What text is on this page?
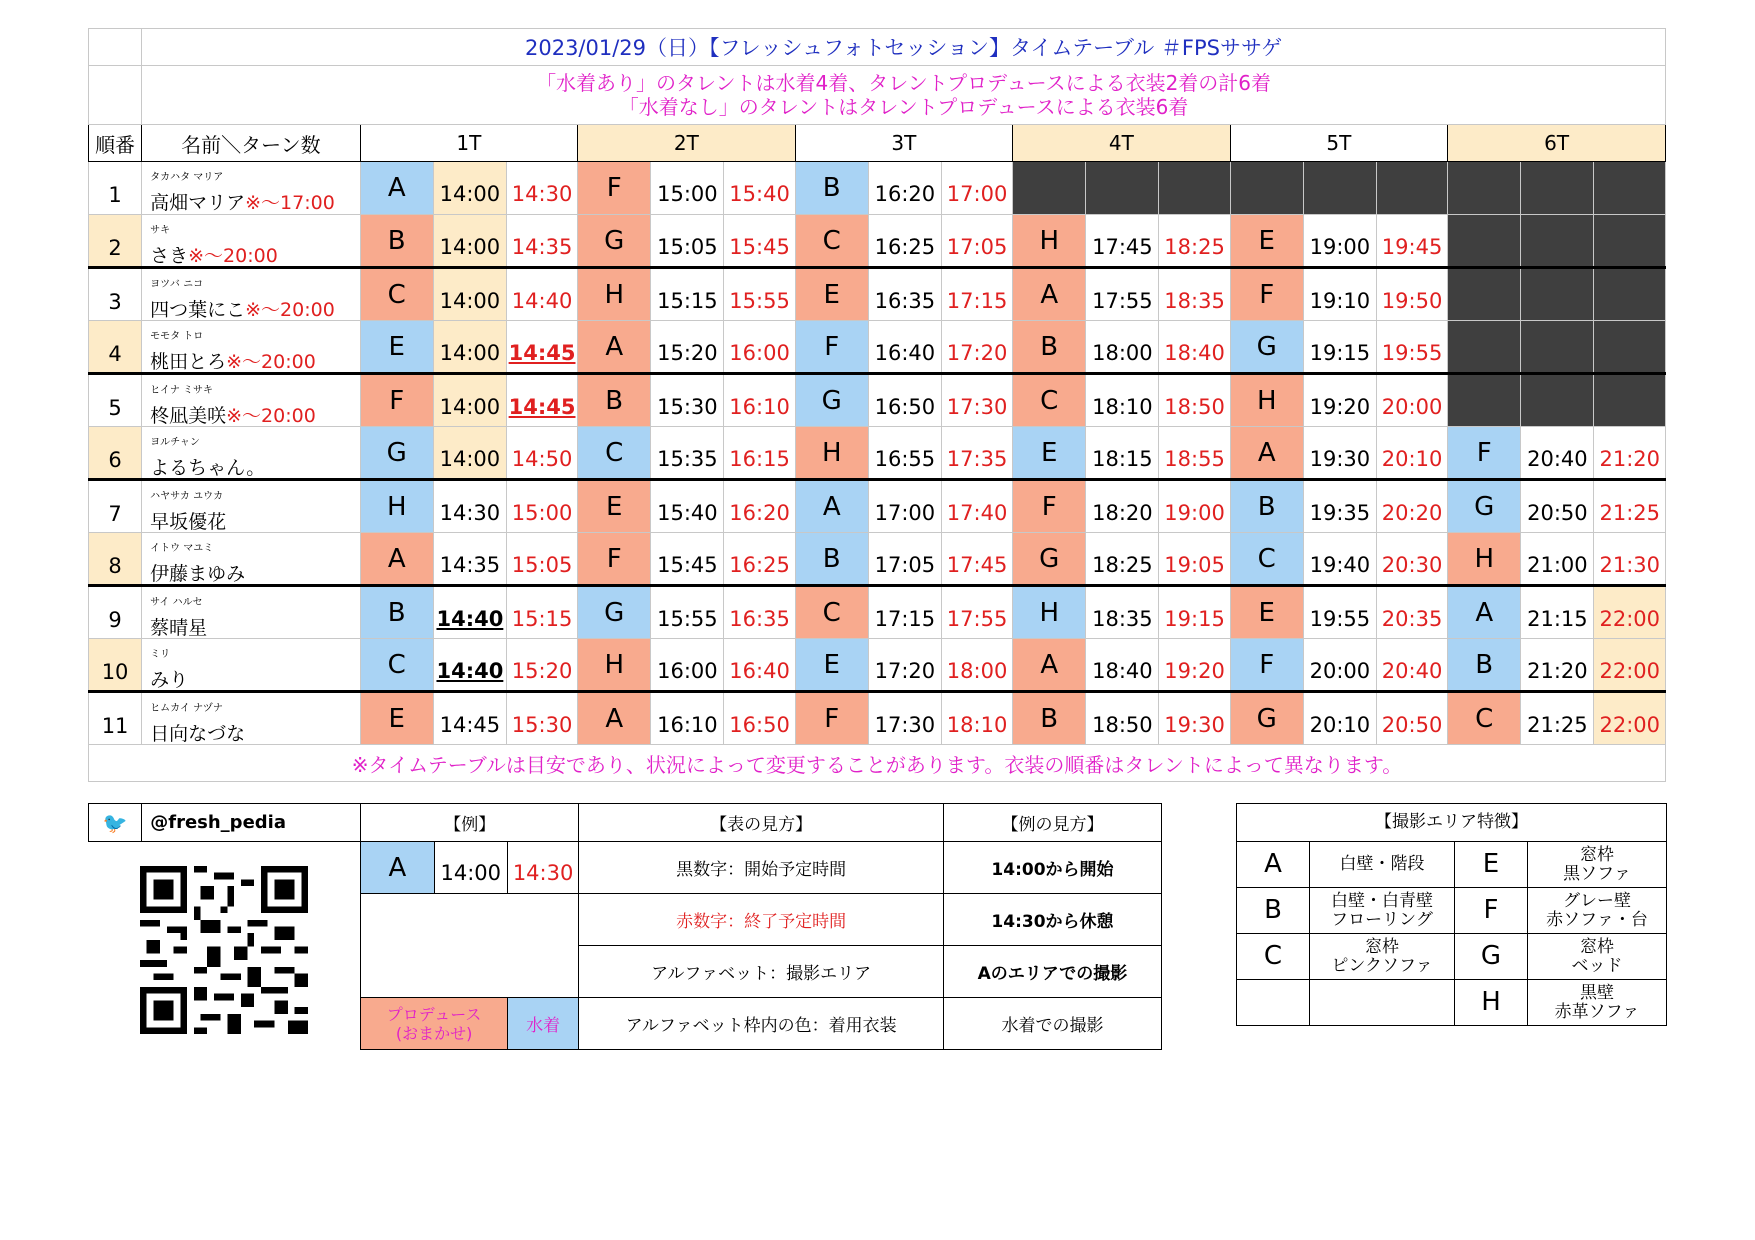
	2023/01/29（日）【フレッシュフォトセッション】タイムテーブル ＃FPSササゲ																		

	「水着あり」のタレントは水着4着、タレントプロデュースによる衣装2着の計6着
「水着なし」のタレントはタレントプロデュースによる衣装6着																		

順番	名前＼ターン数	1T			2T			3T			4T			5T			6T		
1	タカハタ マリア
高畑マリア※～17:00	A	14:00	14:30	F	15:00	15:40	B	16:20	17:00									
2	サキ
さき※～20:00	B	14:00	14:35	G	15:05	15:45	C	16:25	17:05	H	17:45	18:25	E	19:00	19:45			
3	ヨツバ ニコ
四つ葉にこ※～20:00	C	14:00	14:40	H	15:15	15:55	E	16:35	17:15	A	17:55	18:35	F	19:10	19:50			
4	モモタ トロ
桃田とろ※～20:00	E	14:00	14:45	A	15:20	16:00	F	16:40	17:20	B	18:00	18:40	G	19:15	19:55			
5	ヒイナ ミサキ
柊凪美咲※～20:00	F	14:00	14:45	B	15:30	16:10	G	16:50	17:30	C	18:10	18:50	H	19:20	20:00			
6	ヨルチャン
よるちゃん。	G	14:00	14:50	C	15:35	16:15	H	16:55	17:35	E	18:15	18:55	A	19:30	20:10	F	20:40	21:20
7	ハヤサカ ユウカ
早坂優花	H	14:30	15:00	E	15:40	16:20	A	17:00	17:40	F	18:20	19:00	B	19:35	20:20	G	20:50	21:25
8	イトウ マユミ
伊藤まゆみ	A	14:35	15:05	F	15:45	16:25	B	17:05	17:45	G	18:25	19:05	C	19:40	20:30	H	21:00	21:30
9	サイ ハルセ
蔡晴星	B	14:40	15:15	G	15:55	16:35	C	17:15	17:55	H	18:35	19:15	E	19:55	20:35	A	21:15	22:00
10	ミリ
みり	C	14:40	15:20	H	16:00	16:40	E	17:20	18:00	A	18:40	19:20	F	20:00	20:40	B	21:20	22:00
11	ヒムカイ ナヅナ
日向なづな	E	14:45	15:30	A	16:10	16:50	F	17:30	18:10	B	18:50	19:30	G	20:10	20:50	C	21:25	22:00
※タイムテーブルは目安であり、状況によって変更することがあります。衣装の順番はタレントによって異なります。																			
🐦	@fresh_pedia	【例】			【表の見方】	【例の見方】
		A	14:00	14:30	黒数字：開始予定時間	14:00から開始
					赤数字：終了予定時間	14:30から休憩
					アルファベット：撮影エリア	Aのエリアでの撮影
		プロデュース
(おまかせ)		水着	アルファベット枠内の色：着用衣装	水着での撮影
【撮影エリア特徴】			
A	白壁・階段	E	窓枠
黒ソファ
B	白壁・白青壁
フローリング	F	グレー壁
赤ソファ・台
C	窓枠
ピンクソファ	G	窓枠
ベッド
		H	黒壁
赤革ソファ
